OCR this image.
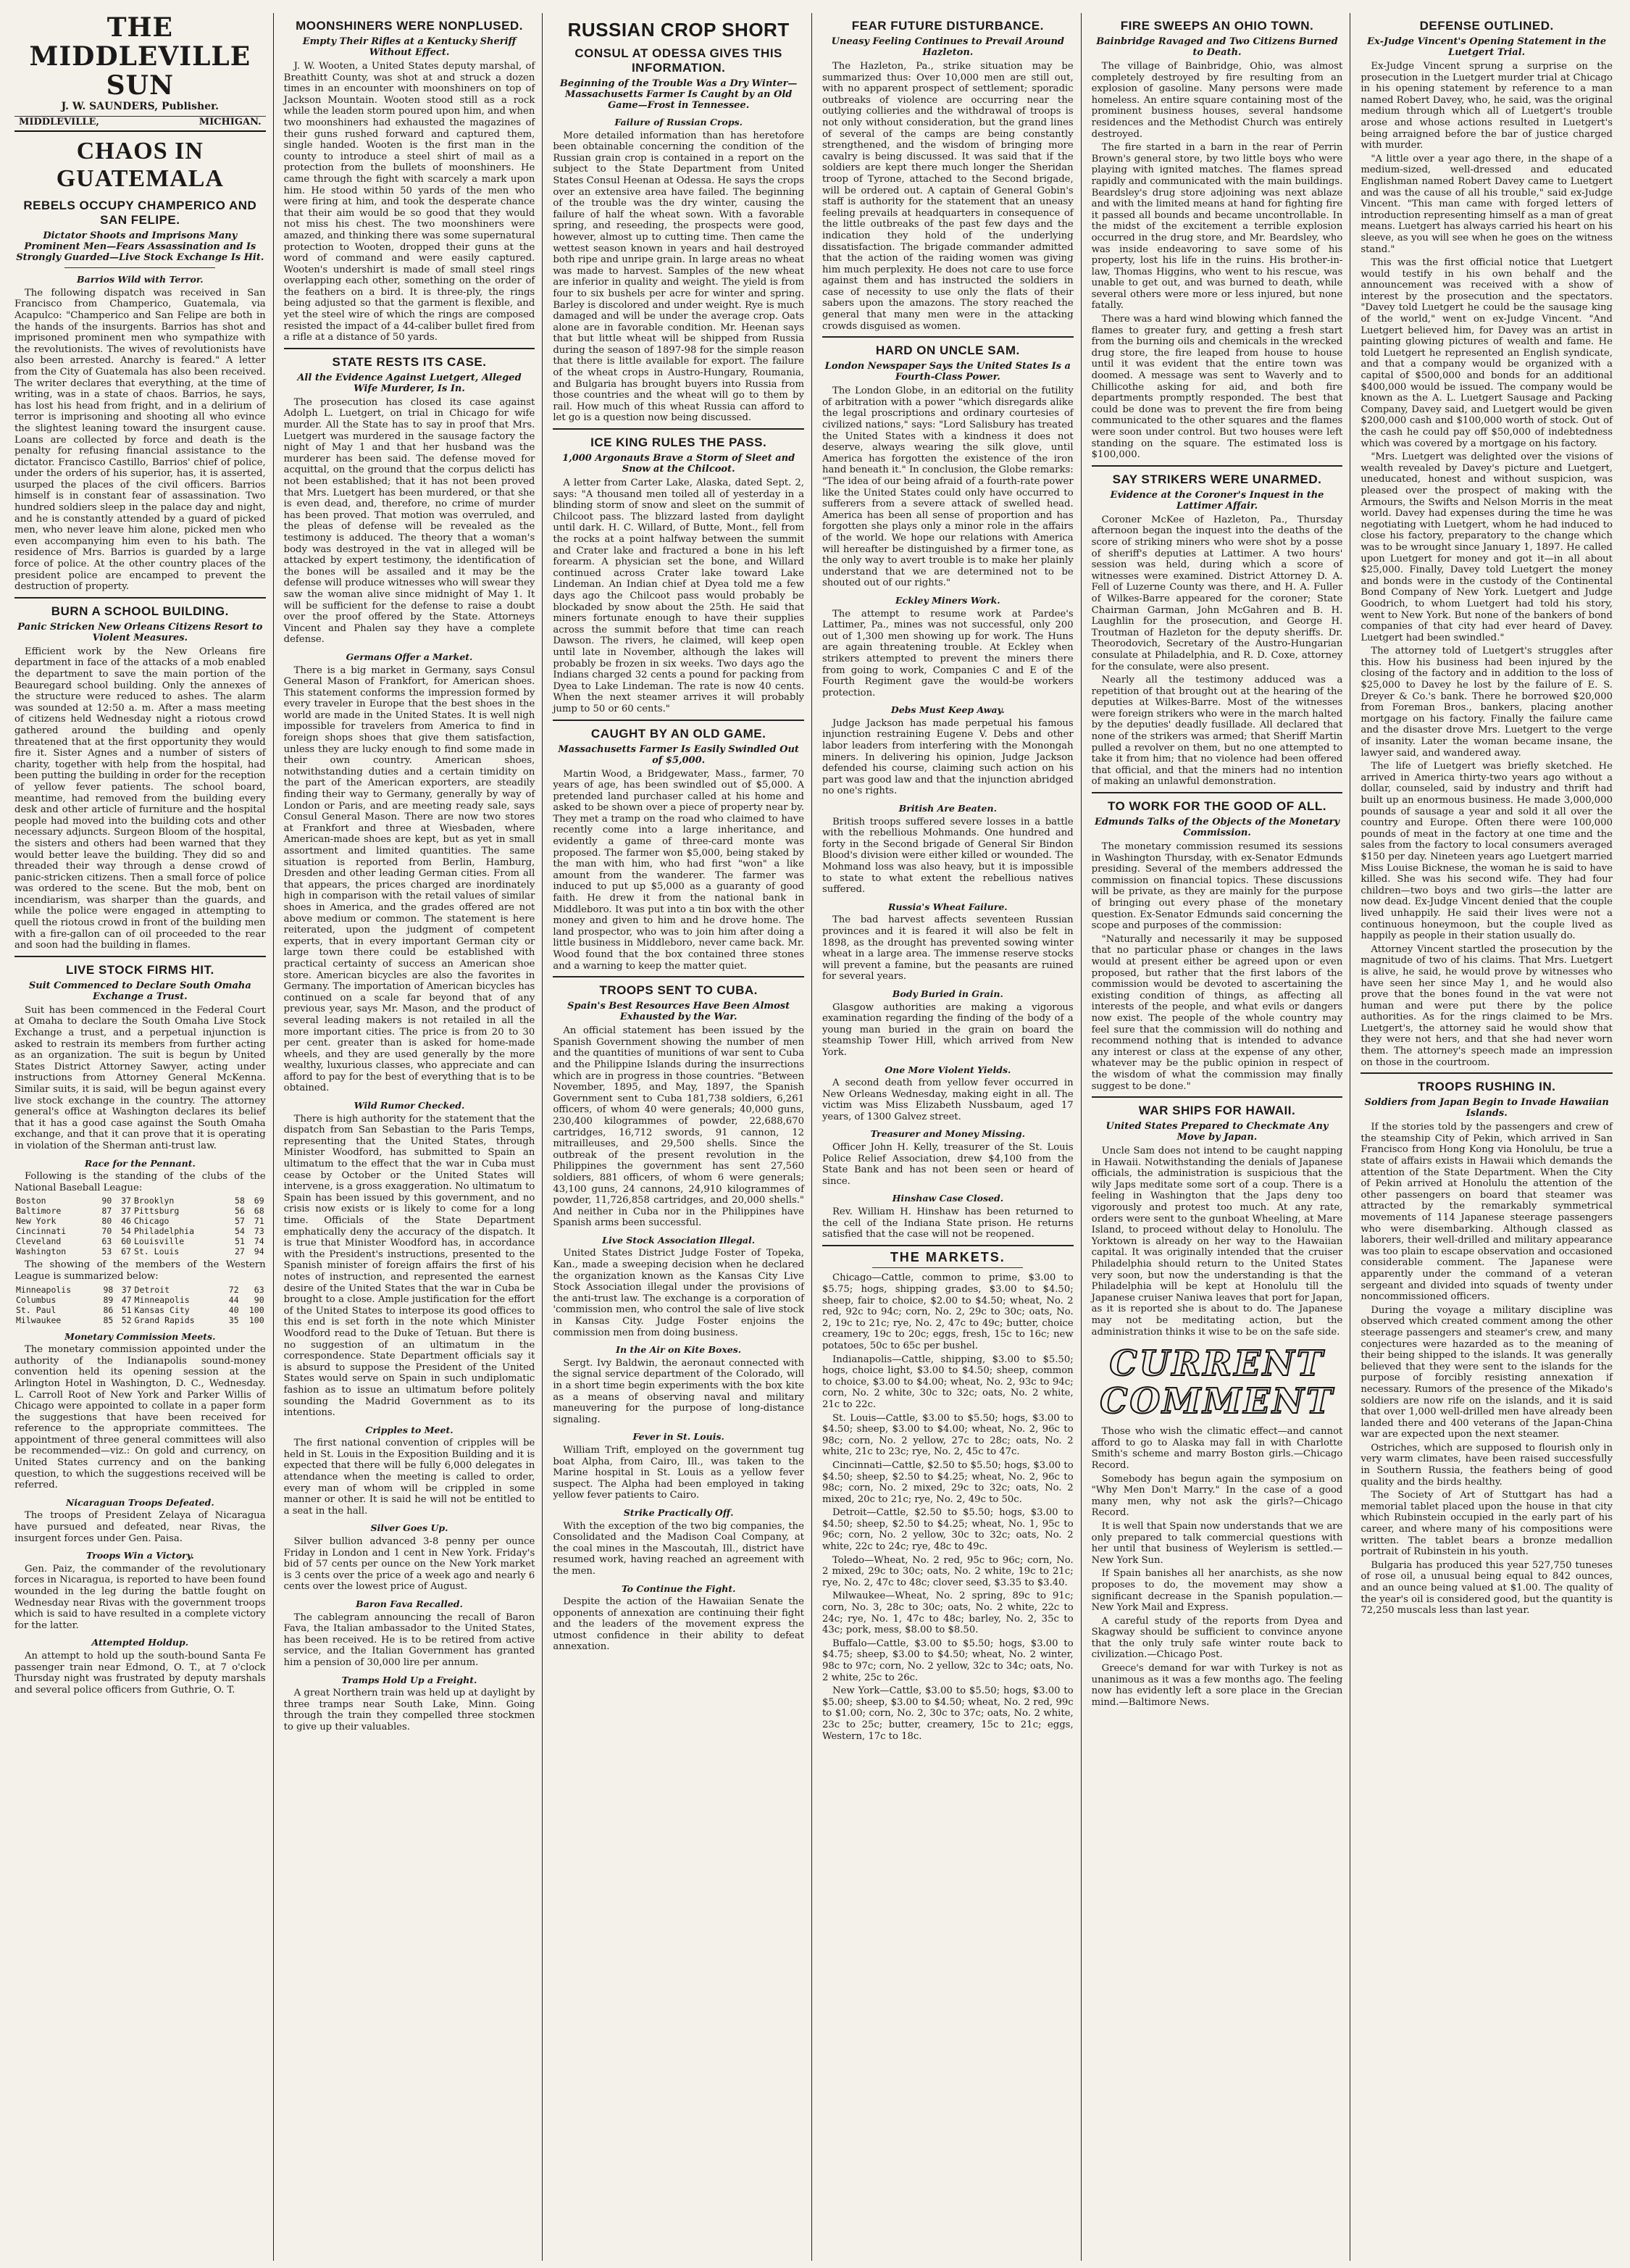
THE MIDDLEVILLE SUN
J. W. SAUNDERS, Publisher.
MIDDLEVILLE,	MICHIGAN.
CHAOS IN GUATEMALA
REBELS OCCUPY CHAMPERICO AND SAN FELIPE.
Dictator Shoots and Imprisons Many Prominent Men—Fears Assassination and Is Strongly Guarded—Live Stock Exchange Is Hit.
Barrios Wild with Terror.

The following dispatch was received in San Francisco from Champerico, Guatemala, via Acapulco: "Champerico and San Felipe are both in the hands of the insurgents. Barrios has shot and imprisoned prominent men who sympathize with the revolutionists. The wives of revolutionists have also been arrested. Anarchy is feared." A letter from the City of Guatemala has also been received. The writer declares that everything, at the time of writing, was in a state of chaos. Barrios, he says, has lost his head from fright, and in a delirium of terror is imprisoning and shooting all who evince the slightest leaning toward the insurgent cause. Loans are collected by force and death is the penalty for refusing financial assistance to the dictator. Francisco Castillo, Barrios' chief of police, under the orders of his superior, has, it is asserted, usurped the places of the civil officers. Barrios himself is in constant fear of assassination. Two hundred soldiers sleep in the palace day and night, and he is constantly attended by a guard of picked men, who never leave him alone, picked men who even accompanying him even to his bath. The residence of Mrs. Barrios is guarded by a large force of police. At the other country places of the president police are encamped to prevent the destruction of property.

BURN A SCHOOL BUILDING.
Panic Stricken New Orleans Citizens Resort to Violent Measures.

Efficient work by the New Orleans fire department in face of the attacks of a mob enabled the department to save the main portion of the Beauregard school building. Only the annexes of the structure were reduced to ashes. The alarm was sounded at 12:50 a. m. After a mass meeting of citizens held Wednesday night a riotous crowd gathered around the building and openly threatened that at the first opportunity they would fire it. Sister Agnes and a number of sisters of charity, together with help from the hospital, had been putting the building in order for the reception of yellow fever patients. The school board, meantime, had removed from the building every desk and other article of furniture and the hospital people had moved into the building cots and other necessary adjuncts. Surgeon Bloom of the hospital, the sisters and others had been warned that they would better leave the building. They did so and threaded their way through a dense crowd of panic-stricken citizens. Then a small force of police was ordered to the scene. But the mob, bent on incendiarism, was sharper than the guards, and while the police were engaged in attempting to quell the riotous crowd in front of the building men with a fire-gallon can of oil proceeded to the rear and soon had the building in flames.

LIVE STOCK FIRMS HIT.
Suit Commenced to Declare South Omaha Exchange a Trust.

Suit has been commenced in the Federal Court at Omaha to declare the South Omaha Live Stock Exchange a trust, and a perpetual injunction is asked to restrain its members from further acting as an organization. The suit is begun by United States District Attorney Sawyer, acting under instructions from Attorney General McKenna. Similar suits, it is said, will be begun against every live stock exchange in the country. The attorney general's office at Washington declares its belief that it has a good case against the South Omaha exchange, and that it can prove that it is operating in violation of the Sherman anti-trust law.

Race for the Pennant.

Following is the standing of the clubs of the National Baseball League:

Boston	90	37	Brooklyn	58	69
Baltimore	87	37	Pittsburg	56	68
New York	80	46	Chicago	57	71
Cincinnati	70	54	Philadelphia	54	73
Cleveland	63	60	Louisville	51	74
Washington	53	67	St. Louis	27	94

The showing of the members of the Western League is summarized below:

Minneapolis	98	37	Detroit	72	63
Columbus	89	47	Minneapolis	44	90
St. Paul	86	51	Kansas City	40	100
Milwaukee	85	52	Grand Rapids	35	100
Monetary Commission Meets.

The monetary commission appointed under the authority of the Indianapolis sound-money convention held its opening session at the Arlington Hotel in Washington, D. C., Wednesday. L. Carroll Root of New York and Parker Willis of Chicago were appointed to collate in a paper form the suggestions that have been received for reference to the appropriate committees. The appointment of three general committees will also be recommended—viz.: On gold and currency, on United States currency and on the banking question, to which the suggestions received will be referred.

Nicaraguan Troops Defeated.

The troops of President Zelaya of Nicaragua have pursued and defeated, near Rivas, the insurgent forces under Gen. Paisa.

Troops Win a Victory.

Gen. Paiz, the commander of the revolutionary forces in Nicaragua, is reported to have been found wounded in the leg during the battle fought on Wednesday near Rivas with the government troops which is said to have resulted in a complete victory for the latter.

Attempted Holdup.

An attempt to hold up the south-bound Santa Fe passenger train near Edmond, O. T., at 7 o'clock Thursday night was frustrated by deputy marshals and several police officers from Guthrie, O. T.

MOONSHINERS WERE NONPLUSED.
Empty Their Rifles at a Kentucky Sheriff Without Effect.

J. W. Wooten, a United States deputy marshal, of Breathitt County, was shot at and struck a dozen times in an encounter with moonshiners on top of Jackson Mountain. Wooten stood still as a rock while the leaden storm poured upon him, and when two moonshiners had exhausted the magazines of their guns rushed forward and captured them, single handed. Wooten is the first man in the county to introduce a steel shirt of mail as a protection from the bullets of moonshiners. He came through the fight with scarcely a mark upon him. He stood within 50 yards of the men who were firing at him, and took the desperate chance that their aim would be so good that they would not miss his chest. The two moonshiners were amazed, and thinking there was some supernatural protection to Wooten, dropped their guns at the word of command and were easily captured. Wooten's undershirt is made of small steel rings overlapping each other, something on the order of the feathers on a bird. It is three-ply, the rings being adjusted so that the garment is flexible, and yet the steel wire of which the rings are composed resisted the impact of a 44-caliber bullet fired from a rifle at a distance of 50 yards.

STATE RESTS ITS CASE.
All the Evidence Against Luetgert, Alleged Wife Murderer, Is In.

The prosecution has closed its case against Adolph L. Luetgert, on trial in Chicago for wife murder. All the State has to say in proof that Mrs. Luetgert was murdered in the sausage factory the night of May 1 and that her husband was the murderer has been said. The defense moved for acquittal, on the ground that the corpus delicti has not been established; that it has not been proved that Mrs. Luetgert has been murdered, or that she is even dead, and, therefore, no crime of murder has been proved. That motion was overruled, and the pleas of defense will be revealed as the testimony is adduced. The theory that a woman's body was destroyed in the vat in alleged will be attacked by expert testimony, the identification of the bones will be assailed and it may be the defense will produce witnesses who will swear they saw the woman alive since midnight of May 1. It will be sufficient for the defense to raise a doubt over the proof offered by the State. Attorneys Vincent and Phalen say they have a complete defense.

Germans Offer a Market.

There is a big market in Germany, says Consul General Mason of Frankfort, for American shoes. This statement conforms the impression formed by every traveler in Europe that the best shoes in the world are made in the United States. It is well nigh impossible for travelers from America to find in foreign shops shoes that give them satisfaction, unless they are lucky enough to find some made in their own country. American shoes, notwithstanding duties and a certain timidity on the part of the American exporters, are steadily finding their way to Germany, generally by way of London or Paris, and are meeting ready sale, says Consul General Mason. There are now two stores at Frankfort and three at Wiesbaden, where American-made shoes are kept, but as yet in small assortment and limited quantities. The same situation is reported from Berlin, Hamburg, Dresden and other leading German cities. From all that appears, the prices charged are inordinately high in comparison with the retail values of similar shoes in America, and the grades offered are not above medium or common. The statement is here reiterated, upon the judgment of competent experts, that in every important German city or large town there could be established with practical certainty of success an American shoe store. American bicycles are also the favorites in Germany. The importation of American bicycles has continued on a scale far beyond that of any previous year, says Mr. Mason, and the product of several leading makers is not retailed in all the more important cities. The price is from 20 to 30 per cent. greater than is asked for home-made wheels, and they are used generally by the more wealthy, luxurious classes, who appreciate and can afford to pay for the best of everything that is to be obtained.

Wild Rumor Checked.

There is high authority for the statement that the dispatch from San Sebastian to the Paris Temps, representing that the United States, through Minister Woodford, has submitted to Spain an ultimatum to the effect that the war in Cuba must cease by October or the United States will intervene, is a gross exaggeration. No ultimatum to Spain has been issued by this government, and no crisis now exists or is likely to come for a long time. Officials of the State Department emphatically deny the accuracy of the dispatch. It is true that Minister Woodford has, in accordance with the President's instructions, presented to the Spanish minister of foreign affairs the first of his notes of instruction, and represented the earnest desire of the United States that the war in Cuba be brought to a close. Ample justification for the effort of the United States to interpose its good offices to this end is set forth in the note which Minister Woodford read to the Duke of Tetuan. But there is no suggestion of an ultimatum in the correspondence. State Department officials say it is absurd to suppose the President of the United States would serve on Spain in such undiplomatic fashion as to issue an ultimatum before politely sounding the Madrid Government as to its intentions.

Cripples to Meet.

The first national convention of cripples will be held in St. Louis in the Exposition Building and it is expected that there will be fully 6,000 delegates in attendance when the meeting is called to order, every man of whom will be crippled in some manner or other. It is said he will not be entitled to a seat in the hall.

Silver Goes Up.

Silver bullion advanced 3-8 penny per ounce Friday in London and 1 cent in New York. Friday's bid of 57 cents per ounce on the New York market is 3 cents over the price of a week ago and nearly 6 cents over the lowest price of August.

Baron Fava Recalled.

The cablegram announcing the recall of Baron Fava, the Italian ambassador to the United States, has been received. He is to be retired from active service, and the Italian Government has granted him a pension of 30,000 lire per annum.

Tramps Hold Up a Freight.

A great Northern train was held up at daylight by three tramps near South Lake, Minn. Going through the train they compelled three stockmen to give up their valuables.

RUSSIAN CROP SHORT
CONSUL AT ODESSA GIVES THIS INFORMATION.
Beginning of the Trouble Was a Dry Winter—Massachusetts Farmer Is Caught by an Old Game—Frost in Tennessee.
Failure of Russian Crops.

More detailed information than has heretofore been obtainable concerning the condition of the Russian grain crop is contained in a report on the subject to the State Department from United States Consul Heenan at Odessa. He says the crops over an extensive area have failed. The beginning of the trouble was the dry winter, causing the failure of half the wheat sown. With a favorable spring, and reseeding, the prospects were good, however, almost up to cutting time. Then came the wettest season known in years and hail destroyed both ripe and unripe grain. In large areas no wheat was made to harvest. Samples of the new wheat are inferior in quality and weight. The yield is from four to six bushels per acre for winter and spring. Barley is discolored and under weight. Rye is much damaged and will be under the average crop. Oats alone are in favorable condition. Mr. Heenan says that but little wheat will be shipped from Russia during the season of 1897-98 for the simple reason that there is little available for export. The failure of the wheat crops in Austro-Hungary, Roumania, and Bulgaria has brought buyers into Russia from those countries and the wheat will go to them by rail. How much of this wheat Russia can afford to let go is a question now being discussed.

ICE KING RULES THE PASS.
1,000 Argonauts Brave a Storm of Sleet and Snow at the Chilcoot.

A letter from Carter Lake, Alaska, dated Sept. 2, says: "A thousand men toiled all of yesterday in a blinding storm of snow and sleet on the summit of Chilcoot pass. The blizzard lasted from daylight until dark. H. C. Willard, of Butte, Mont., fell from the rocks at a point halfway between the summit and Crater lake and fractured a bone in his left forearm. A physician set the bone, and Willard continued across Crater lake toward Lake Lindeman. An Indian chief at Dyea told me a few days ago the Chilcoot pass would probably be blockaded by snow about the 25th. He said that miners fortunate enough to have their supplies across the summit before that time can reach Dawson. The rivers, he claimed, will keep open until late in November, although the lakes will probably be frozen in six weeks. Two days ago the Indians charged 32 cents a pound for packing from Dyea to Lake Lindeman. The rate is now 40 cents. When the next steamer arrives it will probably jump to 50 or 60 cents."

CAUGHT BY AN OLD GAME.
Massachusetts Farmer Is Easily Swindled Out of $5,000.

Martin Wood, a Bridgewater, Mass., farmer, 70 years of age, has been swindled out of $5,000. A pretended land purchaser called at his home and asked to be shown over a piece of property near by. They met a tramp on the road who claimed to have recently come into a large inheritance, and evidently a game of three-card monte was proposed. The farmer won $5,000, being staked by the man with him, who had first "won" a like amount from the wanderer. The farmer was induced to put up $5,000 as a guaranty of good faith. He drew it from the national bank in Middleboro. It was put into a tin box with the other money and given to him and he drove home. The land prospector, who was to join him after doing a little business in Middleboro, never came back. Mr. Wood found that the box contained three stones and a warning to keep the matter quiet.

TROOPS SENT TO CUBA.
Spain's Best Resources Have Been Almost Exhausted by the War.

An official statement has been issued by the Spanish Government showing the number of men and the quantities of munitions of war sent to Cuba and the Philippine Islands during the insurrections which are in progress in those countries. "Between November, 1895, and May, 1897, the Spanish Government sent to Cuba 181,738 soldiers, 6,261 officers, of whom 40 were generals; 40,000 guns, 230,400 kilogrammes of powder, 22,688,670 cartridges, 16,712 swords, 91 cannon, 12 mitrailleuses, and 29,500 shells. Since the outbreak of the present revolution in the Philippines the government has sent 27,560 soldiers, 881 officers, of whom 6 were generals; 43,100 guns, 24 cannons, 24,910 kilogrammes of powder, 11,726,858 cartridges, and 20,000 shells." And neither in Cuba nor in the Philippines have Spanish arms been successful.

Live Stock Association Illegal.

United States District Judge Foster of Topeka, Kan., made a sweeping decision when he declared the organization known as the Kansas City Live Stock Association illegal under the provisions of the anti-trust law. The exchange is a corporation of 'commission men, who control the sale of live stock in Kansas City. Judge Foster enjoins the commission men from doing business.

In the Air on Kite Boxes.

Sergt. Ivy Baldwin, the aeronaut connected with the signal service department of the Colorado, will in a short time begin experiments with the box kite as a means of observing naval and military maneuvering for the purpose of long-distance signaling.

Fever in St. Louis.

William Trift, employed on the government tug boat Alpha, from Cairo, Ill., was taken to the Marine hospital in St. Louis as a yellow fever suspect. The Alpha had been employed in taking yellow fever patients to Cairo.

Strike Practically Off.

With the exception of the two big companies, the Consolidated and the Madison Coal Company, at the coal mines in the Mascoutah, Ill., district have resumed work, having reached an agreement with the men.

To Continue the Fight.

Despite the action of the Hawaiian Senate the opponents of annexation are continuing their fight and the leaders of the movement express the utmost confidence in their ability to defeat annexation.

FEAR FUTURE DISTURBANCE.
Uneasy Feeling Continues to Prevail Around Hazleton.

The Hazleton, Pa., strike situation may be summarized thus: Over 10,000 men are still out, with no apparent prospect of settlement; sporadic outbreaks of violence are occurring near the outlying collieries and the withdrawal of troops is not only without consideration, but the grand lines of several of the camps are being constantly strengthened, and the wisdom of bringing more cavalry is being discussed. It was said that if the soldiers are kept there much longer the Sheridan troop of Tyrone, attached to the Second brigade, will be ordered out. A captain of General Gobin's staff is authority for the statement that an uneasy feeling prevails at headquarters in consequence of the little outbreaks of the past few days and the indication they hold of the underlying dissatisfaction. The brigade commander admitted that the action of the raiding women was giving him much perplexity. He does not care to use force against them and has instructed the soldiers in case of necessity to use only the flats of their sabers upon the amazons. The story reached the general that many men were in the attacking crowds disguised as women.

HARD ON UNCLE SAM.
London Newspaper Says the United States Is a Fourth-Class Power.

The London Globe, in an editorial on the futility of arbitration with a power "which disregards alike the legal proscriptions and ordinary courtesies of civilized nations," says: "Lord Salisbury has treated the United States with a kindness it does not deserve, always wearing the silk glove, until America has forgotten the existence of the iron hand beneath it." In conclusion, the Globe remarks: "The idea of our being afraid of a fourth-rate power like the United States could only have occurred to sufferers from a severe attack of swelled head. America has been all sense of proportion and has forgotten she plays only a minor role in the affairs of the world. We hope our relations with America will hereafter be distinguished by a firmer tone, as the only way to avert trouble is to make her plainly understand that we are determined not to be shouted out of our rights."

Eckley Miners Work.

The attempt to resume work at Pardee's Lattimer, Pa., mines was not successful, only 200 out of 1,300 men showing up for work. The Huns are again threatening trouble. At Eckley when strikers attempted to prevent the miners there from going to work, Companies C and E of the Fourth Regiment gave the would-be workers protection.

Debs Must Keep Away.

Judge Jackson has made perpetual his famous injunction restraining Eugene V. Debs and other labor leaders from interfering with the Monongah miners. In delivering his opinion, Judge Jackson defended his course, claiming such action on his part was good law and that the injunction abridged no one's rights.

British Are Beaten.

British troops suffered severe losses in a battle with the rebellious Mohmands. One hundred and forty in the Second brigade of General Sir Bindon Blood's division were either killed or wounded. The Mohmand loss was also heavy, but it is impossible to state to what extent the rebellious natives suffered.

Russia's Wheat Failure.

The bad harvest affects seventeen Russian provinces and it is feared it will also be felt in 1898, as the drought has prevented sowing winter wheat in a large area. The immense reserve stocks will prevent a famine, but the peasants are ruined for several years.

Body Buried in Grain.

Glasgow authorities are making a vigorous examination regarding the finding of the body of a young man buried in the grain on board the steamship Tower Hill, which arrived from New York.

One More Violent Yields.

A second death from yellow fever occurred in New Orleans Wednesday, making eight in all. The victim was Miss Elizabeth Nussbaum, aged 17 years, of 1300 Galvez street.

Treasurer and Money Missing.

Officer John H. Kelly, treasurer of the St. Louis Police Relief Association, drew $4,100 from the State Bank and has not been seen or heard of since.

Hinshaw Case Closed.

Rev. William H. Hinshaw has been returned to the cell of the Indiana State prison. He returns satisfied that the case will not be reopened.

THE MARKETS.

Chicago—Cattle, common to prime, $3.00 to $5.75; hogs, shipping grades, $3.00 to $4.50; sheep, fair to choice, $2.00 to $4.50; wheat, No. 2 red, 92c to 94c; corn, No. 2, 29c to 30c; oats, No. 2, 19c to 21c; rye, No. 2, 47c to 49c; butter, choice creamery, 19c to 20c; eggs, fresh, 15c to 16c; new potatoes, 50c to 65c per bushel.

Indianapolis—Cattle, shipping, $3.00 to $5.50; hogs, choice light, $3.00 to $4.50; sheep, common to choice, $3.00 to $4.00; wheat, No. 2, 93c to 94c; corn, No. 2 white, 30c to 32c; oats, No. 2 white, 21c to 22c.

St. Louis—Cattle, $3.00 to $5.50; hogs, $3.00 to $4.50; sheep, $3.00 to $4.00; wheat, No. 2, 96c to 98c; corn, No. 2 yellow, 27c to 28c; oats, No. 2 white, 21c to 23c; rye, No. 2, 45c to 47c.

Cincinnati—Cattle, $2.50 to $5.50; hogs, $3.00 to $4.50; sheep, $2.50 to $4.25; wheat, No. 2, 96c to 98c; corn, No. 2 mixed, 29c to 32c; oats, No. 2 mixed, 20c to 21c; rye, No. 2, 49c to 50c.

Detroit—Cattle, $2.50 to $5.50; hogs, $3.00 to $4.50; sheep, $2.50 to $4.25; wheat, No. 1, 95c to 96c; corn, No. 2 yellow, 30c to 32c; oats, No. 2 white, 22c to 24c; rye, 48c to 49c.

Toledo—Wheat, No. 2 red, 95c to 96c; corn, No. 2 mixed, 29c to 30c; oats, No. 2 white, 19c to 21c; rye, No. 2, 47c to 48c; clover seed, $3.35 to $3.40.

Milwaukee—Wheat, No. 2 spring, 89c to 91c; corn, No. 3, 28c to 30c; oats, No. 2 white, 22c to 24c; rye, No. 1, 47c to 48c; barley, No. 2, 35c to 43c; pork, mess, $8.00 to $8.50.

Buffalo—Cattle, $3.00 to $5.50; hogs, $3.00 to $4.75; sheep, $3.00 to $4.50; wheat, No. 2 winter, 98c to 97c; corn, No. 2 yellow, 32c to 34c; oats, No. 2 white, 25c to 26c.

New York—Cattle, $3.00 to $5.50; hogs, $3.00 to $5.00; sheep, $3.00 to $4.50; wheat, No. 2 red, 99c to $1.00; corn, No. 2, 30c to 37c; oats, No. 2 white, 23c to 25c; butter, creamery, 15c to 21c; eggs, Western, 17c to 18c.

FIRE SWEEPS AN OHIO TOWN.
Bainbridge Ravaged and Two Citizens Burned to Death.

The village of Bainbridge, Ohio, was almost completely destroyed by fire resulting from an explosion of gasoline. Many persons were made homeless. An entire square containing most of the prominent business houses, several handsome residences and the Methodist Church was entirely destroyed.

The fire started in a barn in the rear of Perrin Brown's general store, by two little boys who were playing with ignited matches. The flames spread rapidly and communicated with the main buildings. Beardsley's drug store adjoining was next ablaze and with the limited means at hand for fighting fire it passed all bounds and became uncontrollable. In the midst of the excitement a terrible explosion occurred in the drug store, and Mr. Beardsley, who was inside endeavoring to save some of his property, lost his life in the ruins. His brother-in-law, Thomas Higgins, who went to his rescue, was unable to get out, and was burned to death, while several others were more or less injured, but none fatally.

There was a hard wind blowing which fanned the flames to greater fury, and getting a fresh start from the burning oils and chemicals in the wrecked drug store, the fire leaped from house to house until it was evident that the entire town was doomed. A message was sent to Waverly and to Chillicothe asking for aid, and both fire departments promptly responded. The best that could be done was to prevent the fire from being communicated to the other squares and the flames were soon under control. But two houses were left standing on the square. The estimated loss is $100,000.

SAY STRIKERS WERE UNARMED.
Evidence at the Coroner's Inquest in the Lattimer Affair.

Coroner McKee of Hazleton, Pa., Thursday afternoon began the inquest into the deaths of the score of striking miners who were shot by a posse of sheriff's deputies at Lattimer. A two hours' session was held, during which a score of witnesses were examined. District Attorney D. A. Fell of Luzerne County was there, and H. A. Fuller of Wilkes-Barre appeared for the coroner; State Chairman Garman, John McGahren and B. H. Laughlin for the prosecution, and George H. Troutman of Hazleton for the deputy sheriffs. Dr. Theorodovich, Secretary of the Austro-Hungarian consulate at Philadelphia, and R. D. Coxe, attorney for the consulate, were also present.

Nearly all the testimony adduced was a repetition of that brought out at the hearing of the deputies at Wilkes-Barre. Most of the witnesses were foreign strikers who were in the march halted by the deputies' deadly fusillade. All declared that none of the strikers was armed; that Sheriff Martin pulled a revolver on them, but no one attempted to take it from him; that no violence had been offered that official, and that the miners had no intention of making an unlawful demonstration.

TO WORK FOR THE GOOD OF ALL.
Edmunds Talks of the Objects of the Monetary Commission.

The monetary commission resumed its sessions in Washington Thursday, with ex-Senator Edmunds presiding. Several of the members addressed the commission on financial topics. These discussions will be private, as they are mainly for the purpose of bringing out every phase of the monetary question. Ex-Senator Edmunds said concerning the scope and purposes of the commission:

"Naturally and necessarily it may be supposed that no particular phase or changes in the laws would at present either be agreed upon or even proposed, but rather that the first labors of the commission would be devoted to ascertaining the existing condition of things, as affecting all interests of the people, and what evils or dangers now exist. The people of the whole country may feel sure that the commission will do nothing and recommend nothing that is intended to advance any interest or class at the expense of any other, whatever may be the public opinion in respect of the wisdom of what the commission may finally suggest to be done."

WAR SHIPS FOR HAWAII.
United States Prepared to Checkmate Any Move by Japan.

Uncle Sam does not intend to be caught napping in Hawaii. Notwithstanding the denials of Japanese officials, the administration is suspicious that the wily Japs meditate some sort of a coup. There is a feeling in Washington that the Japs deny too vigorously and protest too much. At any rate, orders were sent to the gunboat Wheeling, at Mare Island, to proceed without delay to Honolulu. The Yorktown is already on her way to the Hawaiian capital. It was originally intended that the cruiser Philadelphia should return to the United States very soon, but now the understanding is that the Philadelphia will be kept at Honolulu till the Japanese cruiser Naniwa leaves that port for Japan, as it is reported she is about to do. The Japanese may not be meditating action, but the administration thinks it wise to be on the safe side.

CURRENT
COMMENT

Those who wish the climatic effect—and cannot afford to go to Alaska may fall in with Charlotte Smith's scheme and marry Boston girls.—Chicago Record.

Somebody has begun again the symposium on "Why Men Don't Marry." In the case of a good many men, why not ask the girls?—Chicago Record.

It is well that Spain now understands that we are only prepared to talk commercial questions with her until that business of Weylerism is settled.—New York Sun.

If Spain banishes all her anarchists, as she now proposes to do, the movement may show a significant decrease in the Spanish population.—New York Mail and Express.

A careful study of the reports from Dyea and Skagway should be sufficient to convince anyone that the only truly safe winter route back to civilization.—Chicago Post.

Greece's demand for war with Turkey is not as unanimous as it was a few months ago. The feeling now has evidently left a sore place in the Grecian mind.—Baltimore News.

DEFENSE OUTLINED.
Ex-Judge Vincent's Opening Statement in the Luetgert Trial.

Ex-Judge Vincent sprung a surprise on the prosecution in the Luetgert murder trial at Chicago in his opening statement by reference to a man named Robert Davey, who, he said, was the original medium through which all of Luetgert's trouble arose and whose actions resulted in Luetgert's being arraigned before the bar of justice charged with murder.

"A little over a year ago there, in the shape of a medium-sized, well-dressed and educated Englishman named Robert Davey came to Luetgert and was the cause of all his trouble," said ex-Judge Vincent. "This man came with forged letters of introduction representing himself as a man of great means. Luetgert has always carried his heart on his sleeve, as you will see when he goes on the witness stand."

This was the first official notice that Luetgert would testify in his own behalf and the announcement was received with a show of interest by the prosecution and the spectators. "Davey told Luetgert he could be the sausage king of the world," went on ex-Judge Vincent. "And Luetgert believed him, for Davey was an artist in painting glowing pictures of wealth and fame. He told Luetgert he represented an English syndicate, and that a company would be organized with a capital of $500,000 and bonds for an additional $400,000 would be issued. The company would be known as the A. L. Luetgert Sausage and Packing Company, Davey said, and Luetgert would be given $200,000 cash and $100,000 worth of stock. Out of the cash he could pay off $50,000 of indebtedness which was covered by a mortgage on his factory.

"Mrs. Luetgert was delighted over the visions of wealth revealed by Davey's picture and Luetgert, uneducated, honest and without suspicion, was pleased over the prospect of making with the Armours, the Swifts and Nelson Morris in the meat world. Davey had expenses during the time he was negotiating with Luetgert, whom he had induced to close his factory, preparatory to the change which was to be wrought since January 1, 1897. He called upon Luetgert for money and got it—in all about $25,000. Finally, Davey told Luetgert the money and bonds were in the custody of the Continental Bond Company of New York. Luetgert and Judge Goodrich, to whom Luetgert had told his story, went to New York. But none of the bankers of bond companies of that city had ever heard of Davey. Luetgert had been swindled."

The attorney told of Luetgert's struggles after this. How his business had been injured by the closing of the factory and in addition to the loss of $25,000 to Davey he lost by the failure of E. S. Dreyer & Co.'s bank. There he borrowed $20,000 from Foreman Bros., bankers, placing another mortgage on his factory. Finally the failure came and the disaster drove Mrs. Luetgert to the verge of insanity. Later the woman became insane, the lawyer said, and wandered away.

The life of Luetgert was briefly sketched. He arrived in America thirty-two years ago without a dollar, counseled, said by industry and thrift had built up an enormous business. He made 3,000,000 pounds of sausage a year and sold it all over the country and Europe. Often there were 100,000 pounds of meat in the factory at one time and the sales from the factory to local consumers averaged $150 per day. Nineteen years ago Luetgert married Miss Louise Bicknese, the woman he is said to have killed. She was his second wife. They had four children—two boys and two girls—the latter are now dead. Ex-Judge Vincent denied that the couple lived unhappily. He said their lives were not a continuous honeymoon, but the couple lived as happily as people in their station usually do.

Attorney Vincent startled the prosecution by the magnitude of two of his claims. That Mrs. Luetgert is alive, he said, he would prove by witnesses who have seen her since May 1, and he would also prove that the bones found in the vat were not human and were put there by the police authorities. As for the rings claimed to be Mrs. Luetgert's, the attorney said he would show that they were not hers, and that she had never worn them. The attorney's speech made an impression on those in the courtroom.

TROOPS RUSHING IN.
Soldiers from Japan Begin to Invade Hawaiian Islands.

If the stories told by the passengers and crew of the steamship City of Pekin, which arrived in San Francisco from Hong Kong via Honolulu, be true a state of affairs exists in Hawaii which demands the attention of the State Department. When the City of Pekin arrived at Honolulu the attention of the other passengers on board that steamer was attracted by the remarkably symmetrical movements of 114 Japanese steerage passengers who were disembarking. Although classed as laborers, their well-drilled and military appearance was too plain to escape observation and occasioned considerable comment. The Japanese were apparently under the command of a veteran sergeant and divided into squads of twenty under noncommissioned officers.

During the voyage a military discipline was observed which created comment among the other steerage passengers and steamer's crew, and many conjectures were hazarded as to the meaning of their being shipped to the islands. It was generally believed that they were sent to the islands for the purpose of forcibly resisting annexation if necessary. Rumors of the presence of the Mikado's soldiers are now rife on the islands, and it is said that over 1,000 well-drilled men have already been landed there and 400 veterans of the Japan-China war are expected upon the next steamer.

Ostriches, which are supposed to flourish only in very warm climates, have been raised successfully in Southern Russia, the feathers being of good quality and the birds healthy.

The Society of Art of Stuttgart has had a memorial tablet placed upon the house in that city which Rubinstein occupied in the early part of his career, and where many of his compositions were written. The tablet bears a bronze medallion portrait of Rubinstein in his youth.

Bulgaria has produced this year 527,750 tuneses of rose oil, a unusual being equal to 842 ounces, and an ounce being valued at $1.00. The quality of the year's oil is considered good, but the quantity is 72,250 muscals less than last year.
